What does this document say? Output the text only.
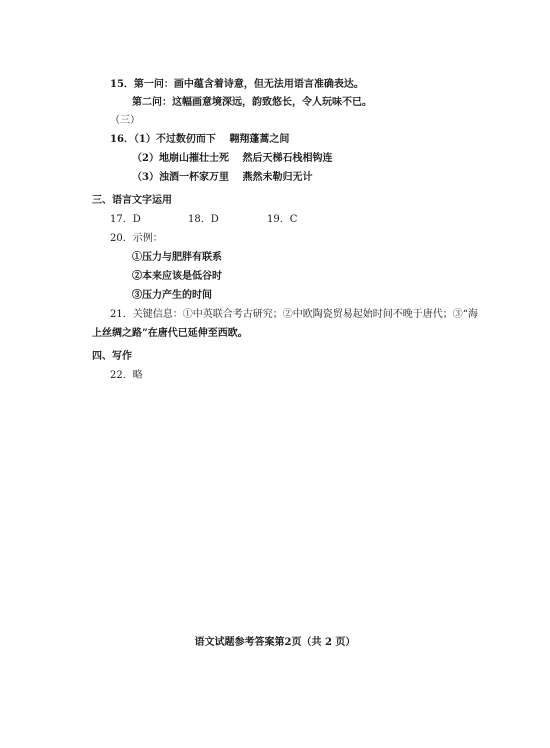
15．第一问：画中蕴含着诗意，但无法用语言准确表达。
第二问：这幅画意境深远，韵致悠长，令人玩味不已。
（三）
16．（1）不过数仞而下 　翱翔蓬蒿之间
（2）地崩山摧壮士死 　然后天梯石栈相钩连
（3）浊酒一杯家万里 　燕然未勒归无计
三、语言文字运用
17．D	18．D	19．C
20．示例：
①压力与肥胖有联系
②本来应该是低谷时
③压力产生的时间
21．关键信息：①中英联合考古研究；②中欧陶瓷贸易起始时间不晚于唐代；③“海
上丝绸之路”在唐代已延伸至西欧。
四、写作
22．略
语文试题参考答案第2页（共 2 页）
